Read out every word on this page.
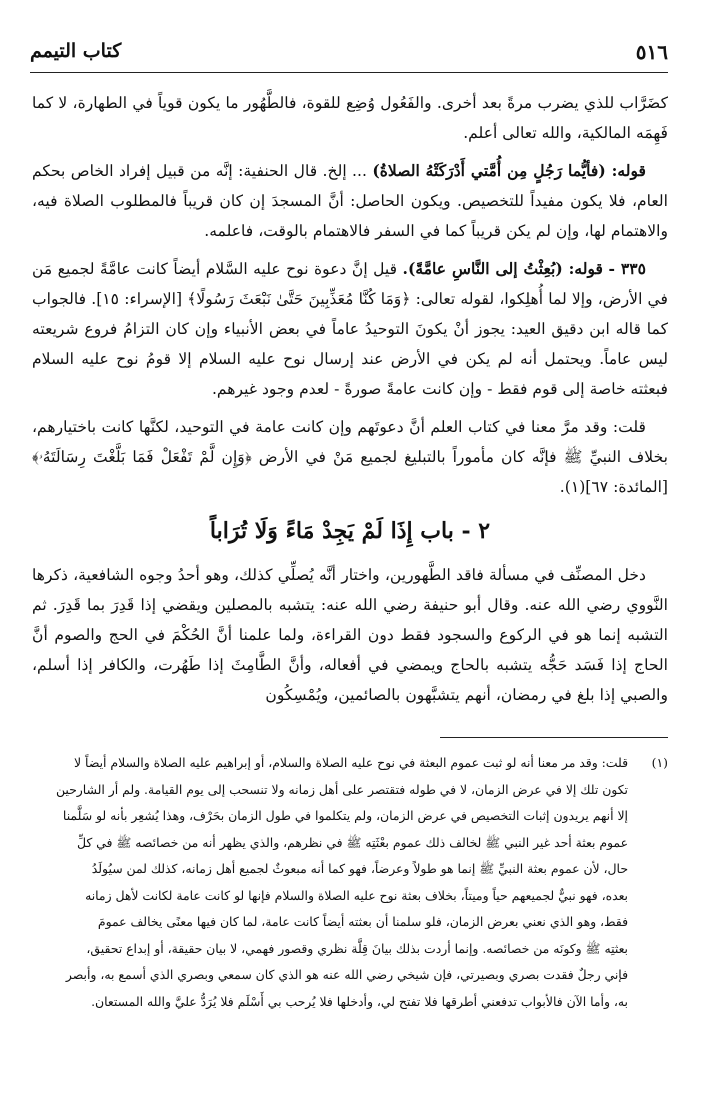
٥١٦
كتاب التيمم

كضَرَّاب للذي يضرب مرةً بعد أخرى. والفَعُول وُضِع للقوة، فالطَّهُور ما يكون قوياً في الطهارة، لا كما فَهِمَه المالكية، والله تعالى أعلم.

قوله: (فأيُّما رَجُلٍ مِن أُمَّتي أَدْرَكَتْهُ الصلاةُ) ... إلخ. قال الحنفية: إنَّه من قبيل إفراد الخاص بحكم العام، فلا يكون مفيداً للتخصيص. ويكون الحاصل: أنَّ المسجدَ إن كان قريباً فالمطلوب الصلاة فيه، والاهتمام لها، وإن لم يكن قريباً كما في السفر فالاهتمام بالوقت، فاعلمه.

٣٣٥ - قوله: (بُعِثْتُ إلى النَّاسِ عامَّةً). قيل إنَّ دعوة نوح عليه السَّلام أيضاً كانت عامَّةً لجميع مَن في الأرض، وإلا لما أُهلِكوا، لقوله تعالى: ﴿وَمَا كُنَّا مُعَذِّبِينَ حَتَّىٰ نَبْعَثَ رَسُولًا﴾ [الإسراء: ١٥]. فالجواب كما قاله ابن دقيق العيد: يجوز أنْ يكونَ التوحيدُ عاماً في بعض الأنبياء وإن كان التزامُ فروع شريعته ليس عاماً. ويحتمل أنه لم يكن في الأرض عند إرسال نوح عليه السلام إلا قومُ نوح عليه السلام فبعثته خاصة إلى قوم فقط - وإن كانت عامةً صورةً - لعدم وجود غيرهم.

قلت: وقد مرَّ معنا في كتاب العلم أنَّ دعوتَهم وإن كانت عامة في التوحيد، لكنَّها كانت باختيارهم، بخلاف النبيِّ ﷺ فإنَّه كان مأموراً بالتبليغ لجميع مَنْ في الأرض ﴿وَإِن لَّمْ تَفْعَلْ فَمَا بَلَّغْتَ رِسَالَتَهُۥ﴾ [المائدة: ٦٧](١).

٢ - باب إِذَا لَمْ يَجِدْ مَاءً وَلَا تُرَاباً

دخل المصنِّف في مسألة فاقد الطَّهورين، واختار أنَّه يُصلِّي كذلك، وهو أحدُ وجوه الشافعية، ذكرها النَّووي رضي الله عنه. وقال أبو حنيفة رضي الله عنه: يتشبه بالمصلين ويقضي إذا قَدِرَ بما قَدِرَ. ثم التشبه إنما هو في الركوع والسجود فقط دون القراءة، ولما علمنا أنَّ الحُكْمَ في الحج والصوم أنَّ الحاج إذا فَسَد حَجُّه يتشبه بالحاج ويمضي في أفعاله، وأنَّ الطَّامِثَ إذا طَهُرت، والكافر إذا أسلم، والصبي إذا بلغ في رمضان، أنهم يتشبَّهون بالصائمين، ويُمْسِكُون

(١)
قلت: وقد مر معنا أنه لو ثبت عموم البعثة في نوح عليه الصلاة والسلام، أو إبراهيم عليه الصلاة والسلام أيضاً لا
تكون تلك إلا في عرض الزمان، لا في طوله فتقتصر على أهل زمانه ولا تنسحب إلى يوم القيامة. ولم أر الشارحين
إلا أنهم يريدون إثبات التخصيص في عرض الزمان، ولم يتكلموا في طول الزمان بحَرْف، وهذا يُشعِر بأنه لو سَلَّمنا
عموم بعثة أحد غير النبي ﷺ لخالف ذلك عموم بعْثَتِه ﷺ في نظرهم، والذي يظهر أنه من خصائصه ﷺ في كلِّ
حال، لأن عموم بعثة النبيِّ ﷺ إنما هو طولاً وعرضاً، فهو كما أنه مبعوثٌ لجميع أهل زمانه، كذلك لمن سيُولَدُ
بعده، فهو نبيٌّ لجميعهم حياً وميتاً، بخلاف بعثة نوح عليه الصلاة والسلام فإنها لو كانت عامة لكانت لأهل زمانه
فقط، وهو الذي نعني بعرض الزمان، فلو سلمنا أن بعثته أيضاً كانت عامة، لما كان فيها معنًى يخالف عمومَ
بعثتِه ﷺ وكونَه من خصائصه. وإنما أردت بذلك بيانَ قِلَّة نظري وقصور فهمي، لا بيان حقيقة، أو إبداع تحقيق،
فإني رجلٌ فقدت بصري وبصيرتي، فإن شيخي رضي الله عنه هو الذي كان سمعي وبصري الذي أسمع به، وأبصر
به، وأما الآن فالأبواب تدفعني أطرقها فلا تفتح لي، وأدخلها فلا يُرحب بي أَسْلَم فلا يُرَدُّ عليَّ والله المستعان.
